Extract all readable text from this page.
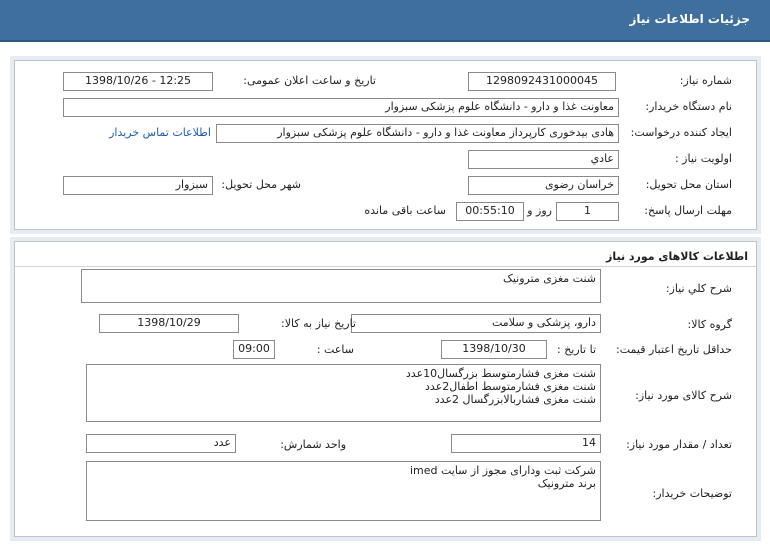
جزئیات اطلاعات نیاز
شماره نیاز:
1298092431000045
تاریخ و ساعت اعلان عمومی:
1398/10/26 - 12:25
نام دستگاه خریدار:
معاونت غذا و دارو - دانشگاه علوم پزشکی سبزوار
ایجاد کننده درخواست:
هادی بیدخوری کارپرداز معاونت غذا و دارو - دانشگاه علوم پزشکی سبزوار
اطلاعات تماس خریدار
اولویت نیاز :
عادي
استان محل تحویل:
خراسان رضوی
شهر محل تحویل:
سبزوار
مهلت ارسال پاسخ:
1
روز و
00:55:10
ساعت باقی مانده
اطلاعات کالاهای مورد نیاز
شرح کلي نیاز:
شنت مغزی مترونیک
گروه کالا:
دارو، پزشکی و سلامت
تاریخ نیاز به کالا:
1398/10/29
حداقل تاریخ اعتبار قیمت:
تا تاریخ :
1398/10/30
ساعت :
09:00
شرح کالای مورد نیاز:
شنت مغزی فشارمتوسط بزرگسال10عدد
شنت مغزی فشارمتوسط اطفال2عدد
شنت مغزی فشاربالابزرگسال 2عدد
تعداد / مقدار مورد نیاز:
14
واحد شمارش:
عدد
توضیحات خریدار:
شرکت ثبت ودارای مجوز از سایت imed
برند مترونیک
